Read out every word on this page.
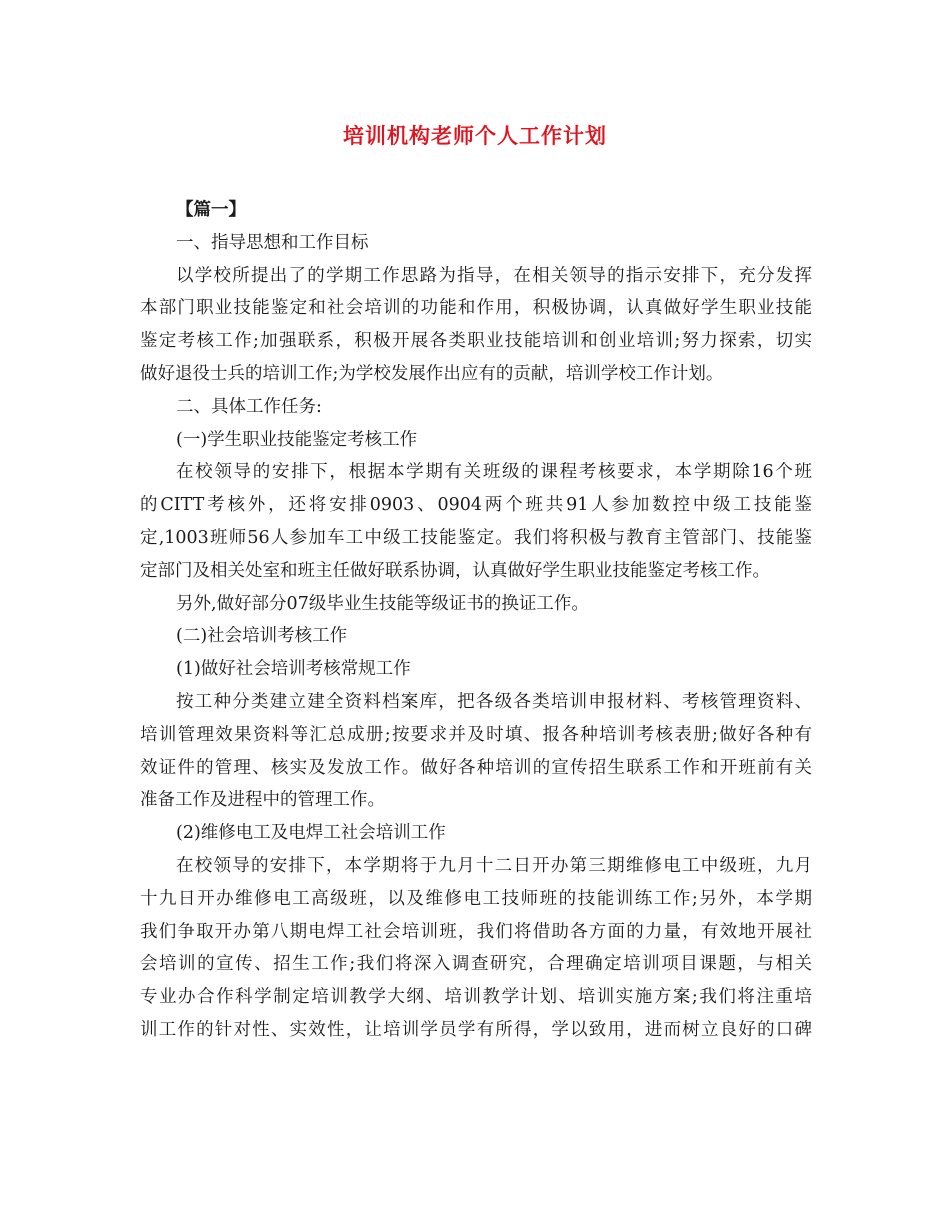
培训机构老师个人工作计划
【篇一】
一、指导思想和工作目标
以学校所提出了的学期工作思路为指导，在相关领导的指示安排下，充分发挥
本部门职业技能鉴定和社会培训的功能和作用，积极协调，认真做好学生职业技能
鉴定考核工作;加强联系，积极开展各类职业技能培训和创业培训;努力探索，切实
做好退役士兵的培训工作;为学校发展作出应有的贡献，培训学校工作计划。
二、具体工作任务:
(一)学生职业技能鉴定考核工作
在校领导的安排下，根据本学期有关班级的课程考核要求，本学期除16个班
的CITT考核外，还将安排0903、0904两个班共91人参加数控中级工技能鉴
定,1003班师56人参加车工中级工技能鉴定。我们将积极与教育主管部门、技能鉴
定部门及相关处室和班主任做好联系协调，认真做好学生职业技能鉴定考核工作。
另外,做好部分07级毕业生技能等级证书的换证工作。
(二)社会培训考核工作
(1)做好社会培训考核常规工作
按工种分类建立建全资料档案库，把各级各类培训申报材料、考核管理资料、
培训管理效果资料等汇总成册;按要求并及时填、报各种培训考核表册;做好各种有
效证件的管理、核实及发放工作。做好各种培训的宣传招生联系工作和开班前有关
准备工作及进程中的管理工作。
(2)维修电工及电焊工社会培训工作
在校领导的安排下，本学期将于九月十二日开办第三期维修电工中级班，九月
十九日开办维修电工高级班，以及维修电工技师班的技能训练工作;另外，本学期
我们争取开办第八期电焊工社会培训班，我们将借助各方面的力量，有效地开展社
会培训的宣传、招生工作;我们将深入调查研究，合理确定培训项目课题，与相关
专业办合作科学制定培训教学大纲、培训教学计划、培训实施方案;我们将注重培
训工作的针对性、实效性，让培训学员学有所得，学以致用，进而树立良好的口碑
